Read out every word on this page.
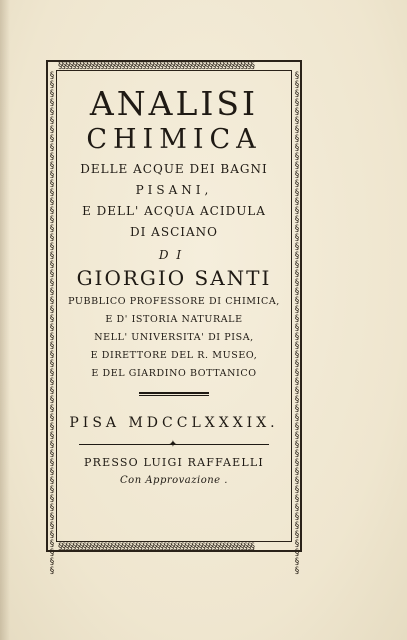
§§§§§§§§§§§§§§§§§§§§§§§§§§§§§§§§§§§§§§§§§§§§§§§§§§§§§§§§
§§§§§§§§§§§§§§§§§§§§§§§§§§§§§§§§§§§§§§§§§§§§§§§§§§§§§§§§
§§§§§§§§§§§§§§§§§§§§§§§§§§§§§§§§§§§§§§§§§§§§§§§§§§§§§§§§
§§§§§§§§§§§§§§§§§§§§§§§§§§§§§§§§§§§§§§§§§§§§§§§§§§§§§§§§
ANALISI
CHIMICA
DELLE ACQUE DEI BAGNI
PISANI,
E DELL' ACQUA ACIDULA
DI ASCIANO
DI
GIORGIO SANTI
PUBBLICO PROFESSORE DI CHIMICA,
E D' ISTORIA NATURALE
NELL' UNIVERSITA' DI PISA,
E DIRETTORE DEL R. MUSEO,
E DEL GIARDINO BOTTANICO
PISA MDCCLXXXIX.
✦
PRESSO LUIGI RAFFAELLI
Con Approvazione .
